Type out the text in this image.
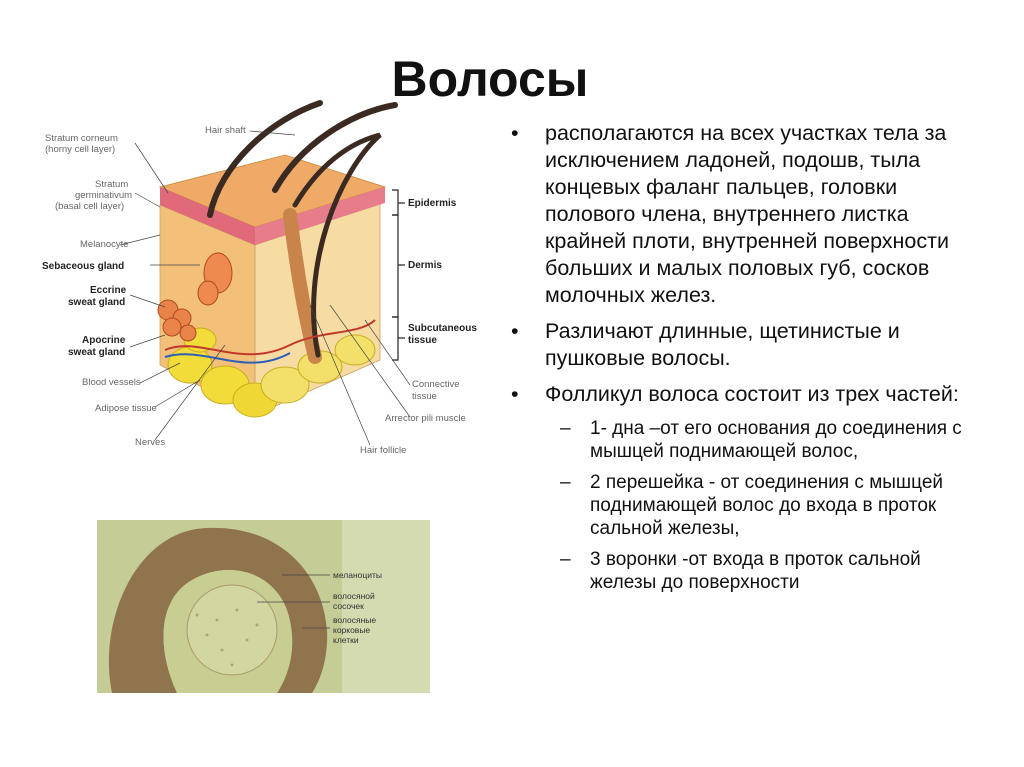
Волосы
Epidermis
Dermis
Subcutaneous
tissue
Stratum corneum
(horny cell layer)
Stratum
germinativum
(basal cell layer)
Melanocyte
Sebaceous gland
Eccrine
sweat gland
Apocrine
sweat gland
Blood vessels
Adipose tissue
Nerves
Hair shaft
Connective
tissue
Arrector pili muscle
Hair follicle
меланоциты
волосяной
сосочек
волосяные
корковые
клетки
• располагаются на всех участках тела за исключением ладоней, подошв, тыла концевых фаланг пальцев, головки полового члена, внутреннего листка крайней плоти, внутренней поверхности больших и малых половых губ, сосков молочных желез.
• Различают длинные, щетинистые и пушковые волосы.
• Фолликул волоса состоит из трех частей:
– 1- дна –от его основания до соединения с мышцей поднимающей волос,
– 2 перешейка - от соединения с мышцей поднимающей волос до входа в проток сальной железы,
– 3 воронки -от входа в проток сальной железы до поверхности
